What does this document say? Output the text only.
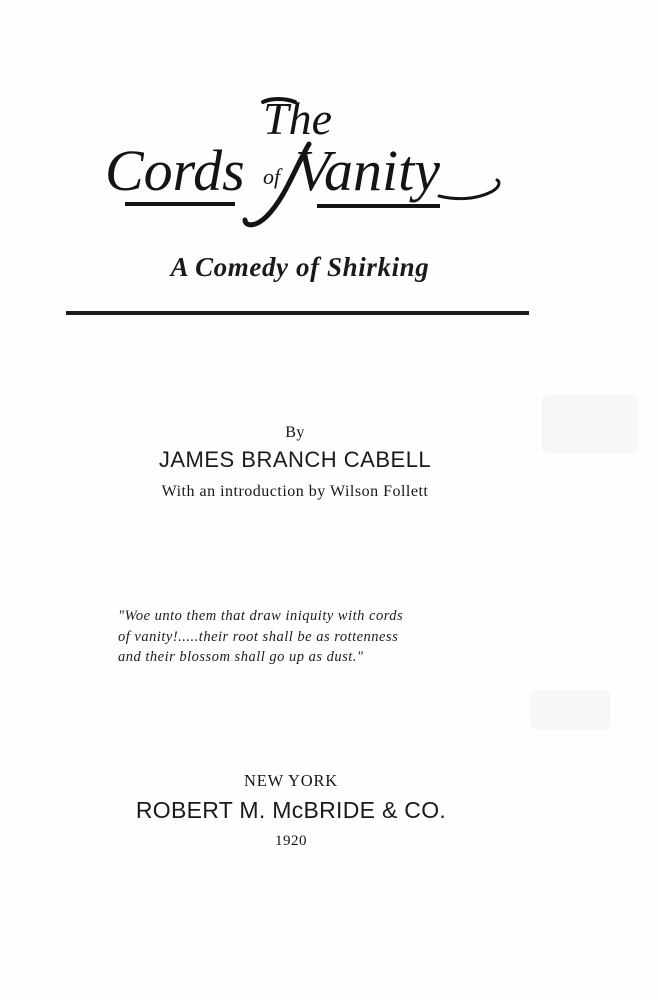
The
Cords of Vanity
A Comedy of Shirking
By
JAMES BRANCH CABELL
With an introduction by Wilson Follett
"Woe unto them that draw iniquity with cords
of vanity!.....their root shall be as rottenness
and their blossom shall go up as dust."
NEW YORK
ROBERT M. McBRIDE & CO.
1920
